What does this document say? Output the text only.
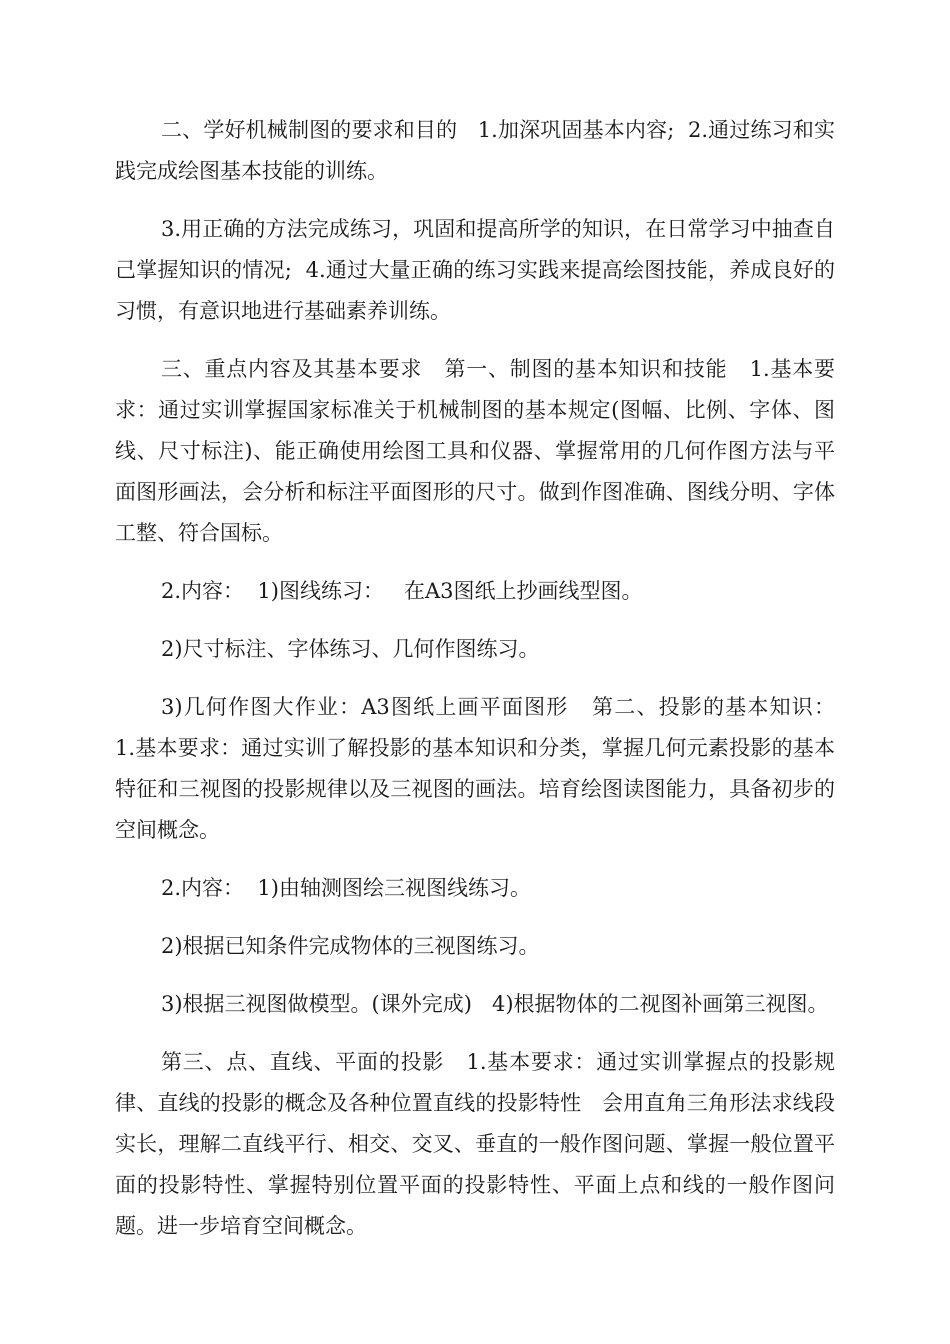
二、学好机械制图的要求和目的   1.加深巩固基本内容;  2.通过练习和实践完成绘图基本技能的训练。

3.用正确的方法完成练习，巩固和提高所学的知识，在日常学习中抽查自己掌握知识的情况;  4.通过大量正确的练习实践来提高绘图技能，养成良好的习惯，有意识地进行基础素养训练。

三、重点内容及其基本要求   第一、制图的基本知识和技能   1.基本要求：通过实训掌握国家标准关于机械制图的基本规定(图幅、比例、字体、图线、尺寸标注)、能正确使用绘图工具和仪器、掌握常用的几何作图方法与平面图形画法，会分析和标注平面图形的尺寸。做到作图准确、图线分明、字体工整、符合国标。

2.内容：  1)图线练习：   在A3图纸上抄画线型图。

2)尺寸标注、字体练习、几何作图练习。

3)几何作图大作业：A3图纸上画平面图形   第二、投影的基本知识：   1.基本要求：通过实训了解投影的基本知识和分类，掌握几何元素投影的基本特征和三视图的投影规律以及三视图的画法。培育绘图读图能力，具备初步的空间概念。

2.内容：  1)由轴测图绘三视图线练习。

2)根据已知条件完成物体的三视图练习。

3)根据三视图做模型。(课外完成)   4)根据物体的二视图补画第三视图。

第三、点、直线、平面的投影   1.基本要求：通过实训掌握点的投影规律、直线的投影的概念及各种位置直线的投影特性   会用直角三角形法求线段实长，理解二直线平行、相交、交叉、垂直的一般作图问题、掌握一般位置平面的投影特性、掌握特别位置平面的投影特性、平面上点和线的一般作图问题。进一步培育空间概念。
